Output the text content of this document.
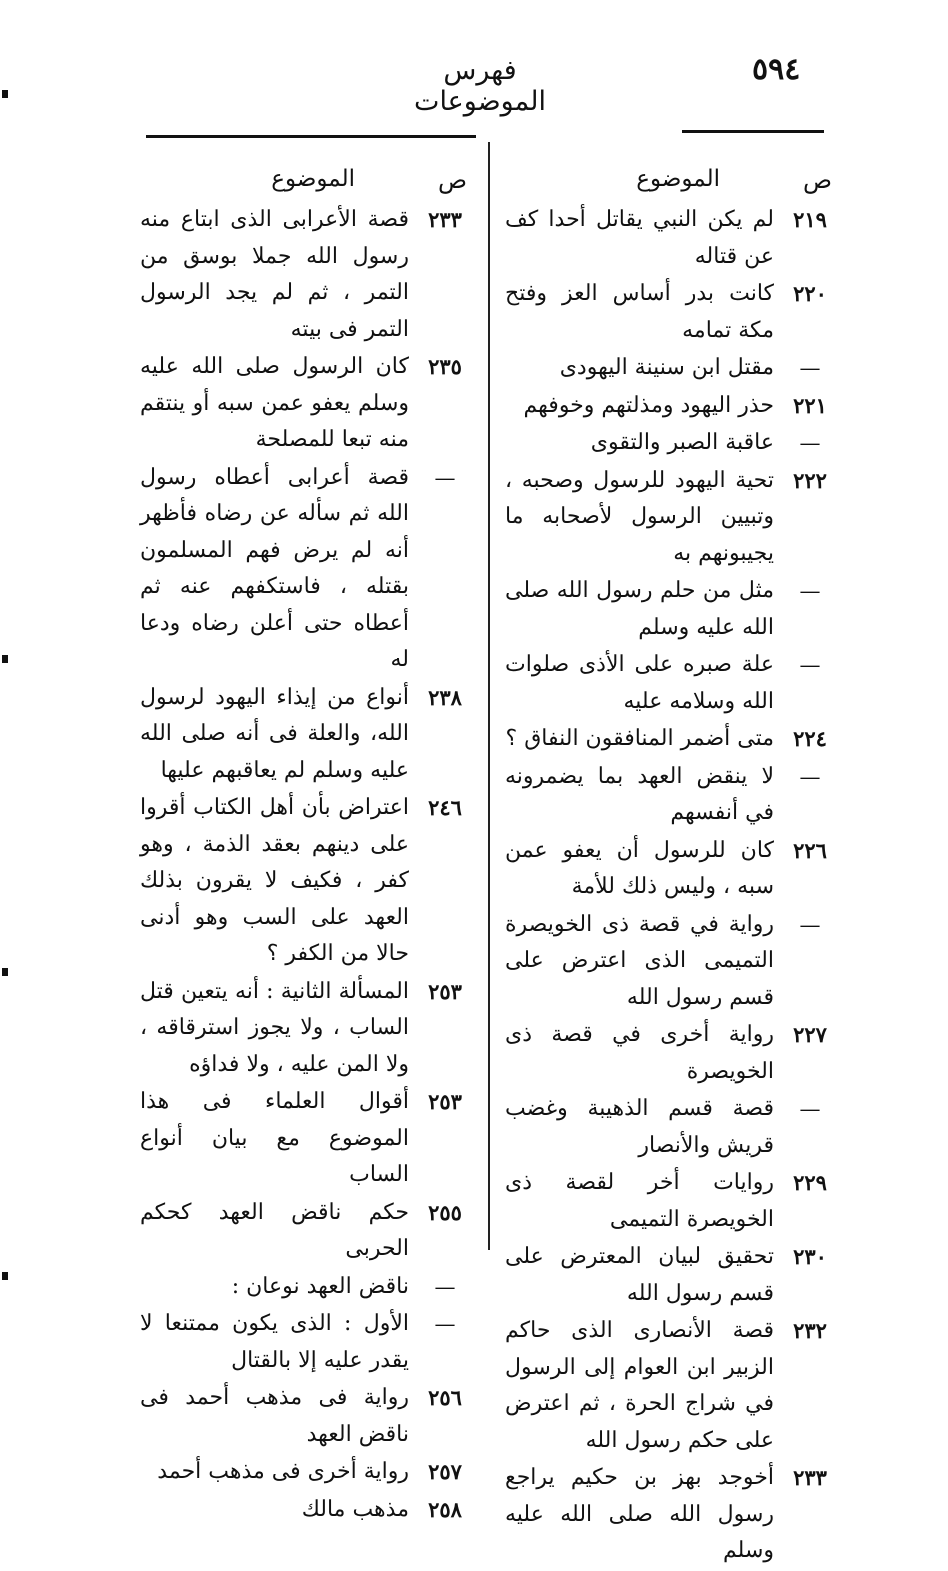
٥٩٤
فهرس الموضوعات
ص
الموضوع
٢١٩
لم يكن النبي يقاتل أحدا كف عن قتاله
٢٢٠
كانت بدر أساس العز وفتح مكة تمامه
—
مقتل ابن سنينة اليهودى
٢٢١
حذر اليهود ومذلتهم وخوفهم
—
عاقبة الصبر والتقوى
٢٢٢
تحية اليهود للرسول وصحبه ، وتبيين الرسول لأصحابه ما يجيبونهم به
—
مثل من حلم رسول الله صلى الله عليه وسلم
—
علة صبره على الأذى صلوات الله وسلامه عليه
٢٢٤
متى أضمر المنافقون النفاق ؟
—
لا ينقض العهد بما يضمرونه في أنفسهم
٢٢٦
كان للرسول أن يعفو عمن سبه ، وليس ذلك للأمة
—
رواية في قصة ذى الخويصرة التميمى الذى اعترض على قسم رسول الله
٢٢٧
رواية أخرى في قصة ذى الخويصرة
—
قصة قسم الذهيبة وغضب قريش والأنصار
٢٢٩
روايات أخر لقصة ذى الخويصرة التميمى
٢٣٠
تحقيق لبيان المعترض على قسم رسول الله
٢٣٢
قصة الأنصارى الذى حاكم الزبير ابن العوام إلى الرسول في شراج الحرة ، ثم اعترض على حكم رسول الله
٢٣٣
أخوجد بهز بن حكيم يراجع رسول الله صلى الله عليه وسلم
ص
الموضوع
٢٣٣
قصة الأعرابى الذى ابتاع منه رسول الله جملا بوسق من التمر ، ثم لم يجد الرسول التمر فى بيته
٢٣٥
كان الرسول صلى الله عليه وسلم يعفو عمن سبه أو ينتقم منه تبعا للمصلحة
—
قصة أعرابى أعطاه رسول الله ثم سأله عن رضاه فأظهر أنه لم يرض فهم المسلمون بقتله ، فاستكفهم عنه ثم أعطاه حتى أعلن رضاه ودعا له
٢٣٨
أنواع من إيذاء اليهود لرسول الله، والعلة فى أنه صلى الله عليه وسلم لم يعاقبهم عليها
٢٤٦
اعتراض بأن أهل الكتاب أقروا على دينهم بعقد الذمة ، وهو كفر ، فكيف لا يقرون بذلك العهد على السب وهو أدنى حالا من الكفر ؟
٢٥٣
المسألة الثانية : أنه يتعين قتل الساب ، ولا يجوز استرقاقه ، ولا المن عليه ، ولا فداؤه
٢٥٣
أقوال العلماء فى هذا الموضوع مع بيان أنواع الساب
٢٥٥
حكم ناقض العهد كحكم الحربى
—
ناقض العهد نوعان :
—
الأول : الذى يكون ممتنعا لا يقدر عليه إلا بالقتال
٢٥٦
رواية فى مذهب أحمد فى ناقض العهد
٢٥٧
رواية أخرى فى مذهب أحمد
٢٥٨
مذهب مالك
